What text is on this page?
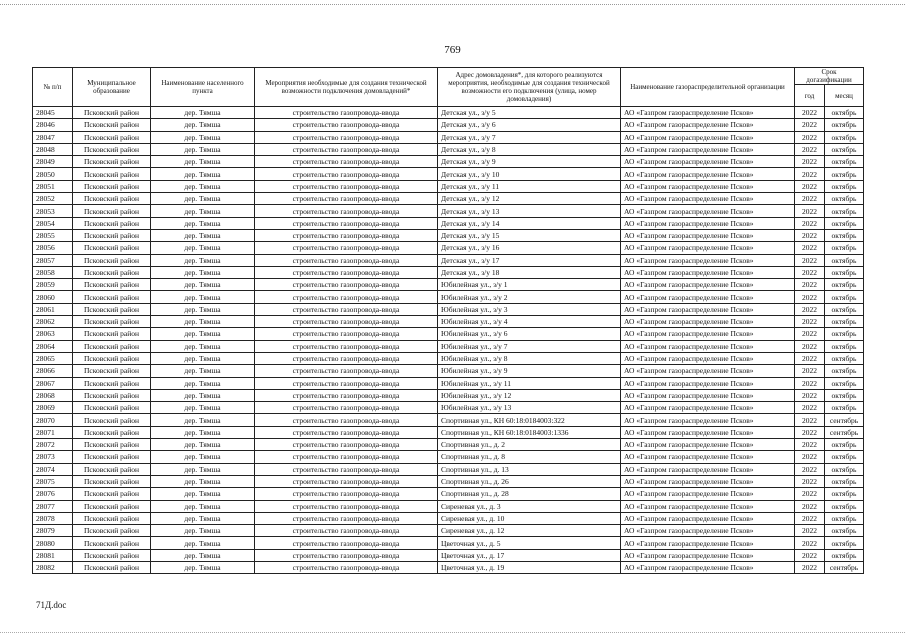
769
№ п/п	Муниципальное образование	Наименование населенного пункта	Мероприятия необходимые для создания технической возможности подключения домовладений*	Адрес домовладения*, для которого реализуются мероприятия, необходимые для создания технической возможности его подключения (улица, номер домовладения)	Наименование газораспределительной организации	Срок догазификации	
						год	месяц
28045	Псковский район	дер. Тямша	строительство газопровода-ввода	Детская ул., з/у 5	АО «Газпром газораспределение Псков»	2022	октябрь
28046	Псковский район	дер. Тямша	строительство газопровода-ввода	Детская ул., з/у 6	АО «Газпром газораспределение Псков»	2022	октябрь
28047	Псковский район	дер. Тямша	строительство газопровода-ввода	Детская ул., з/у 7	АО «Газпром газораспределение Псков»	2022	октябрь
28048	Псковский район	дер. Тямша	строительство газопровода-ввода	Детская ул., з/у 8	АО «Газпром газораспределение Псков»	2022	октябрь
28049	Псковский район	дер. Тямша	строительство газопровода-ввода	Детская ул., з/у 9	АО «Газпром газораспределение Псков»	2022	октябрь
28050	Псковский район	дер. Тямша	строительство газопровода-ввода	Детская ул., з/у 10	АО «Газпром газораспределение Псков»	2022	октябрь
28051	Псковский район	дер. Тямша	строительство газопровода-ввода	Детская ул., з/у 11	АО «Газпром газораспределение Псков»	2022	октябрь
28052	Псковский район	дер. Тямша	строительство газопровода-ввода	Детская ул., з/у 12	АО «Газпром газораспределение Псков»	2022	октябрь
28053	Псковский район	дер. Тямша	строительство газопровода-ввода	Детская ул., з/у 13	АО «Газпром газораспределение Псков»	2022	октябрь
28054	Псковский район	дер. Тямша	строительство газопровода-ввода	Детская ул., з/у 14	АО «Газпром газораспределение Псков»	2022	октябрь
28055	Псковский район	дер. Тямша	строительство газопровода-ввода	Детская ул., з/у 15	АО «Газпром газораспределение Псков»	2022	октябрь
28056	Псковский район	дер. Тямша	строительство газопровода-ввода	Детская ул., з/у 16	АО «Газпром газораспределение Псков»	2022	октябрь
28057	Псковский район	дер. Тямша	строительство газопровода-ввода	Детская ул., з/у 17	АО «Газпром газораспределение Псков»	2022	октябрь
28058	Псковский район	дер. Тямша	строительство газопровода-ввода	Детская ул., з/у 18	АО «Газпром газораспределение Псков»	2022	октябрь
28059	Псковский район	дер. Тямша	строительство газопровода-ввода	Юбилейная ул., з/у 1	АО «Газпром газораспределение Псков»	2022	октябрь
28060	Псковский район	дер. Тямша	строительство газопровода-ввода	Юбилейная ул., з/у 2	АО «Газпром газораспределение Псков»	2022	октябрь
28061	Псковский район	дер. Тямша	строительство газопровода-ввода	Юбилейная ул., з/у 3	АО «Газпром газораспределение Псков»	2022	октябрь
28062	Псковский район	дер. Тямша	строительство газопровода-ввода	Юбилейная ул., з/у 4	АО «Газпром газораспределение Псков»	2022	октябрь
28063	Псковский район	дер. Тямша	строительство газопровода-ввода	Юбилейная ул., з/у 6	АО «Газпром газораспределение Псков»	2022	октябрь
28064	Псковский район	дер. Тямша	строительство газопровода-ввода	Юбилейная ул., з/у 7	АО «Газпром газораспределение Псков»	2022	октябрь
28065	Псковский район	дер. Тямша	строительство газопровода-ввода	Юбилейная ул., з/у 8	АО «Газпром газораспределение Псков»	2022	октябрь
28066	Псковский район	дер. Тямша	строительство газопровода-ввода	Юбилейная ул., з/у 9	АО «Газпром газораспределение Псков»	2022	октябрь
28067	Псковский район	дер. Тямша	строительство газопровода-ввода	Юбилейная ул., з/у 11	АО «Газпром газораспределение Псков»	2022	октябрь
28068	Псковский район	дер. Тямша	строительство газопровода-ввода	Юбилейная ул., з/у 12	АО «Газпром газораспределение Псков»	2022	октябрь
28069	Псковский район	дер. Тямша	строительство газопровода-ввода	Юбилейная ул., з/у 13	АО «Газпром газораспределение Псков»	2022	октябрь
28070	Псковский район	дер. Тямша	строительство газопровода-ввода	Спортивная ул., КН 60:18:0184003:322	АО «Газпром газораспределение Псков»	2022	сентябрь
28071	Псковский район	дер. Тямша	строительство газопровода-ввода	Спортивная ул., КН 60:18:0184003:1336	АО «Газпром газораспределение Псков»	2022	сентябрь
28072	Псковский район	дер. Тямша	строительство газопровода-ввода	Спортивная ул., д. 2	АО «Газпром газораспределение Псков»	2022	октябрь
28073	Псковский район	дер. Тямша	строительство газопровода-ввода	Спортивная ул., д. 8	АО «Газпром газораспределение Псков»	2022	октябрь
28074	Псковский район	дер. Тямша	строительство газопровода-ввода	Спортивная ул., д. 13	АО «Газпром газораспределение Псков»	2022	октябрь
28075	Псковский район	дер. Тямша	строительство газопровода-ввода	Спортивная ул., д. 26	АО «Газпром газораспределение Псков»	2022	октябрь
28076	Псковский район	дер. Тямша	строительство газопровода-ввода	Спортивная ул., д. 28	АО «Газпром газораспределение Псков»	2022	октябрь
28077	Псковский район	дер. Тямша	строительство газопровода-ввода	Сиреневая ул., д. 3	АО «Газпром газораспределение Псков»	2022	октябрь
28078	Псковский район	дер. Тямша	строительство газопровода-ввода	Сиреневая ул., д. 10	АО «Газпром газораспределение Псков»	2022	октябрь
28079	Псковский район	дер. Тямша	строительство газопровода-ввода	Сиреневая ул., д. 12	АО «Газпром газораспределение Псков»	2022	октябрь
28080	Псковский район	дер. Тямша	строительство газопровода-ввода	Цветочная ул., д. 5	АО «Газпром газораспределение Псков»	2022	октябрь
28081	Псковский район	дер. Тямша	строительство газопровода-ввода	Цветочная ул., д. 17	АО «Газпром газораспределение Псков»	2022	октябрь
28082	Псковский район	дер. Тямша	строительство газопровода-ввода	Цветочная ул., д. 19	АО «Газпром газораспределение Псков»	2022	сентябрь
71Д.doc
